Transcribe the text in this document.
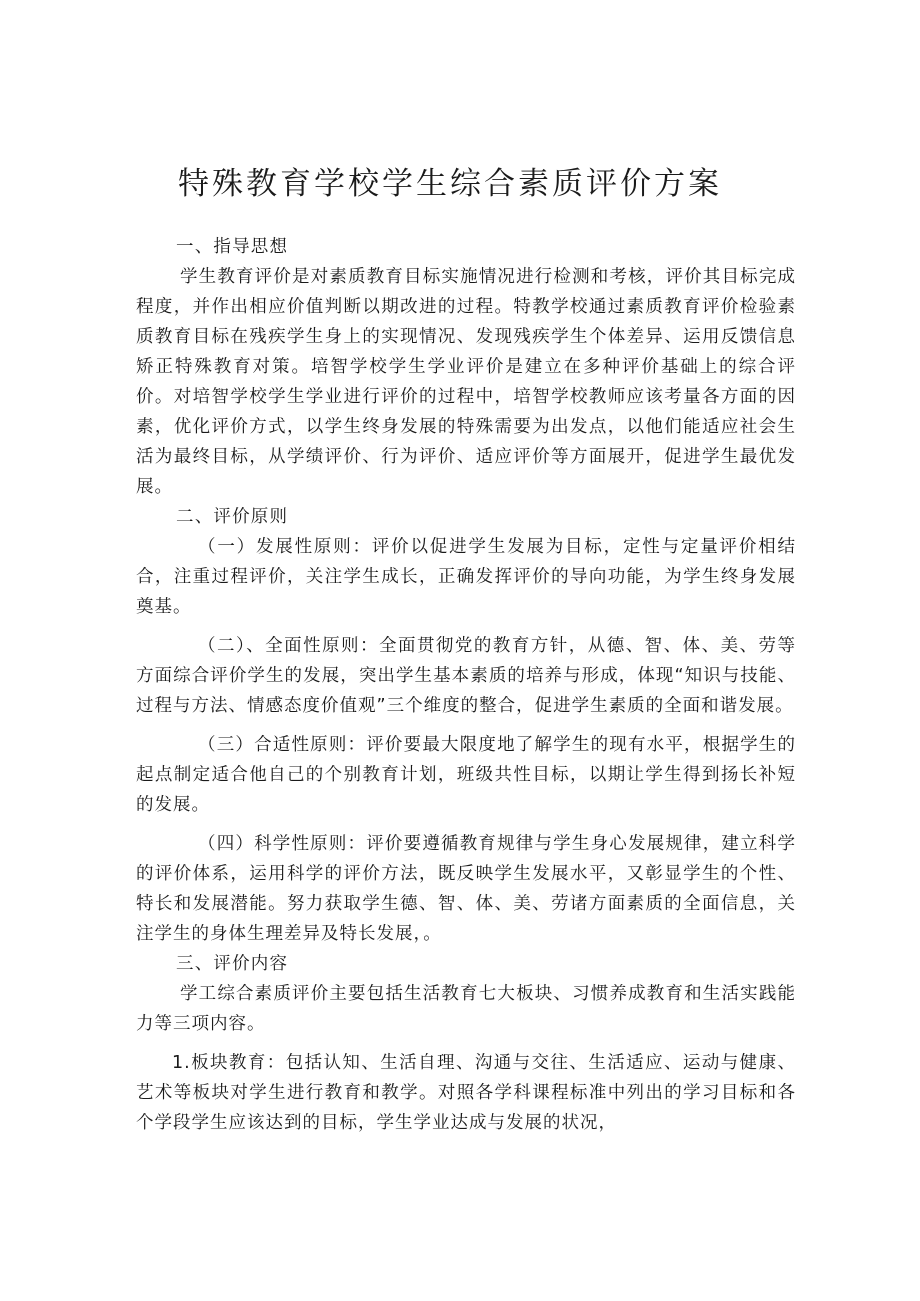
特殊教育学校学生综合素质评价方案

一、指导思想

学生教育评价是对素质教育目标实施情况进行检测和考核，评价其目标完成程度，并作出相应价值判断以期改进的过程。特教学校通过素质教育评价检验素质教育目标在残疾学生身上的实现情况、发现残疾学生个体差异、运用反馈信息矫正特殊教育对策。培智学校学生学业评价是建立在多种评价基础上的综合评价。对培智学校学生学业进行评价的过程中，培智学校教师应该考量各方面的因素，优化评价方式，以学生终身发展的特殊需要为出发点，以他们能适应社会生活为最终目标，从学绩评价、行为评价、适应评价等方面展开，促进学生最优发展。

二、评价原则

（一）发展性原则：评价以促进学生发展为目标，定性与定量评价相结合，注重过程评价，关注学生成长，正确发挥评价的导向功能，为学生终身发展奠基。

（二）、全面性原则：全面贯彻党的教育方针，从德、智、体、美、劳等方面综合评价学生的发展，突出学生基本素质的培养与形成，体现“知识与技能、过程与方法、情感态度价值观”三个维度的整合，促进学生素质的全面和谐发展。

（三）合适性原则：评价要最大限度地了解学生的现有水平，根据学生的起点制定适合他自己的个别教育计划，班级共性目标，以期让学生得到扬长补短的发展。

（四）科学性原则：评价要遵循教育规律与学生身心发展规律，建立科学的评价体系，运用科学的评价方法，既反映学生发展水平，又彰显学生的个性、特长和发展潜能。努力获取学生德、智、体、美、劳诸方面素质的全面信息，关注学生的身体生理差异及特长发展，。

三、评价内容

学工综合素质评价主要包括生活教育七大板块、习惯养成教育和生活实践能力等三项内容。

1.板块教育：包括认知、生活自理、沟通与交往、生活适应、运动与健康、艺术等板块对学生进行教育和教学。对照各学科课程标准中列出的学习目标和各个学段学生应该达到的目标，学生学业达成与发展的状况，
